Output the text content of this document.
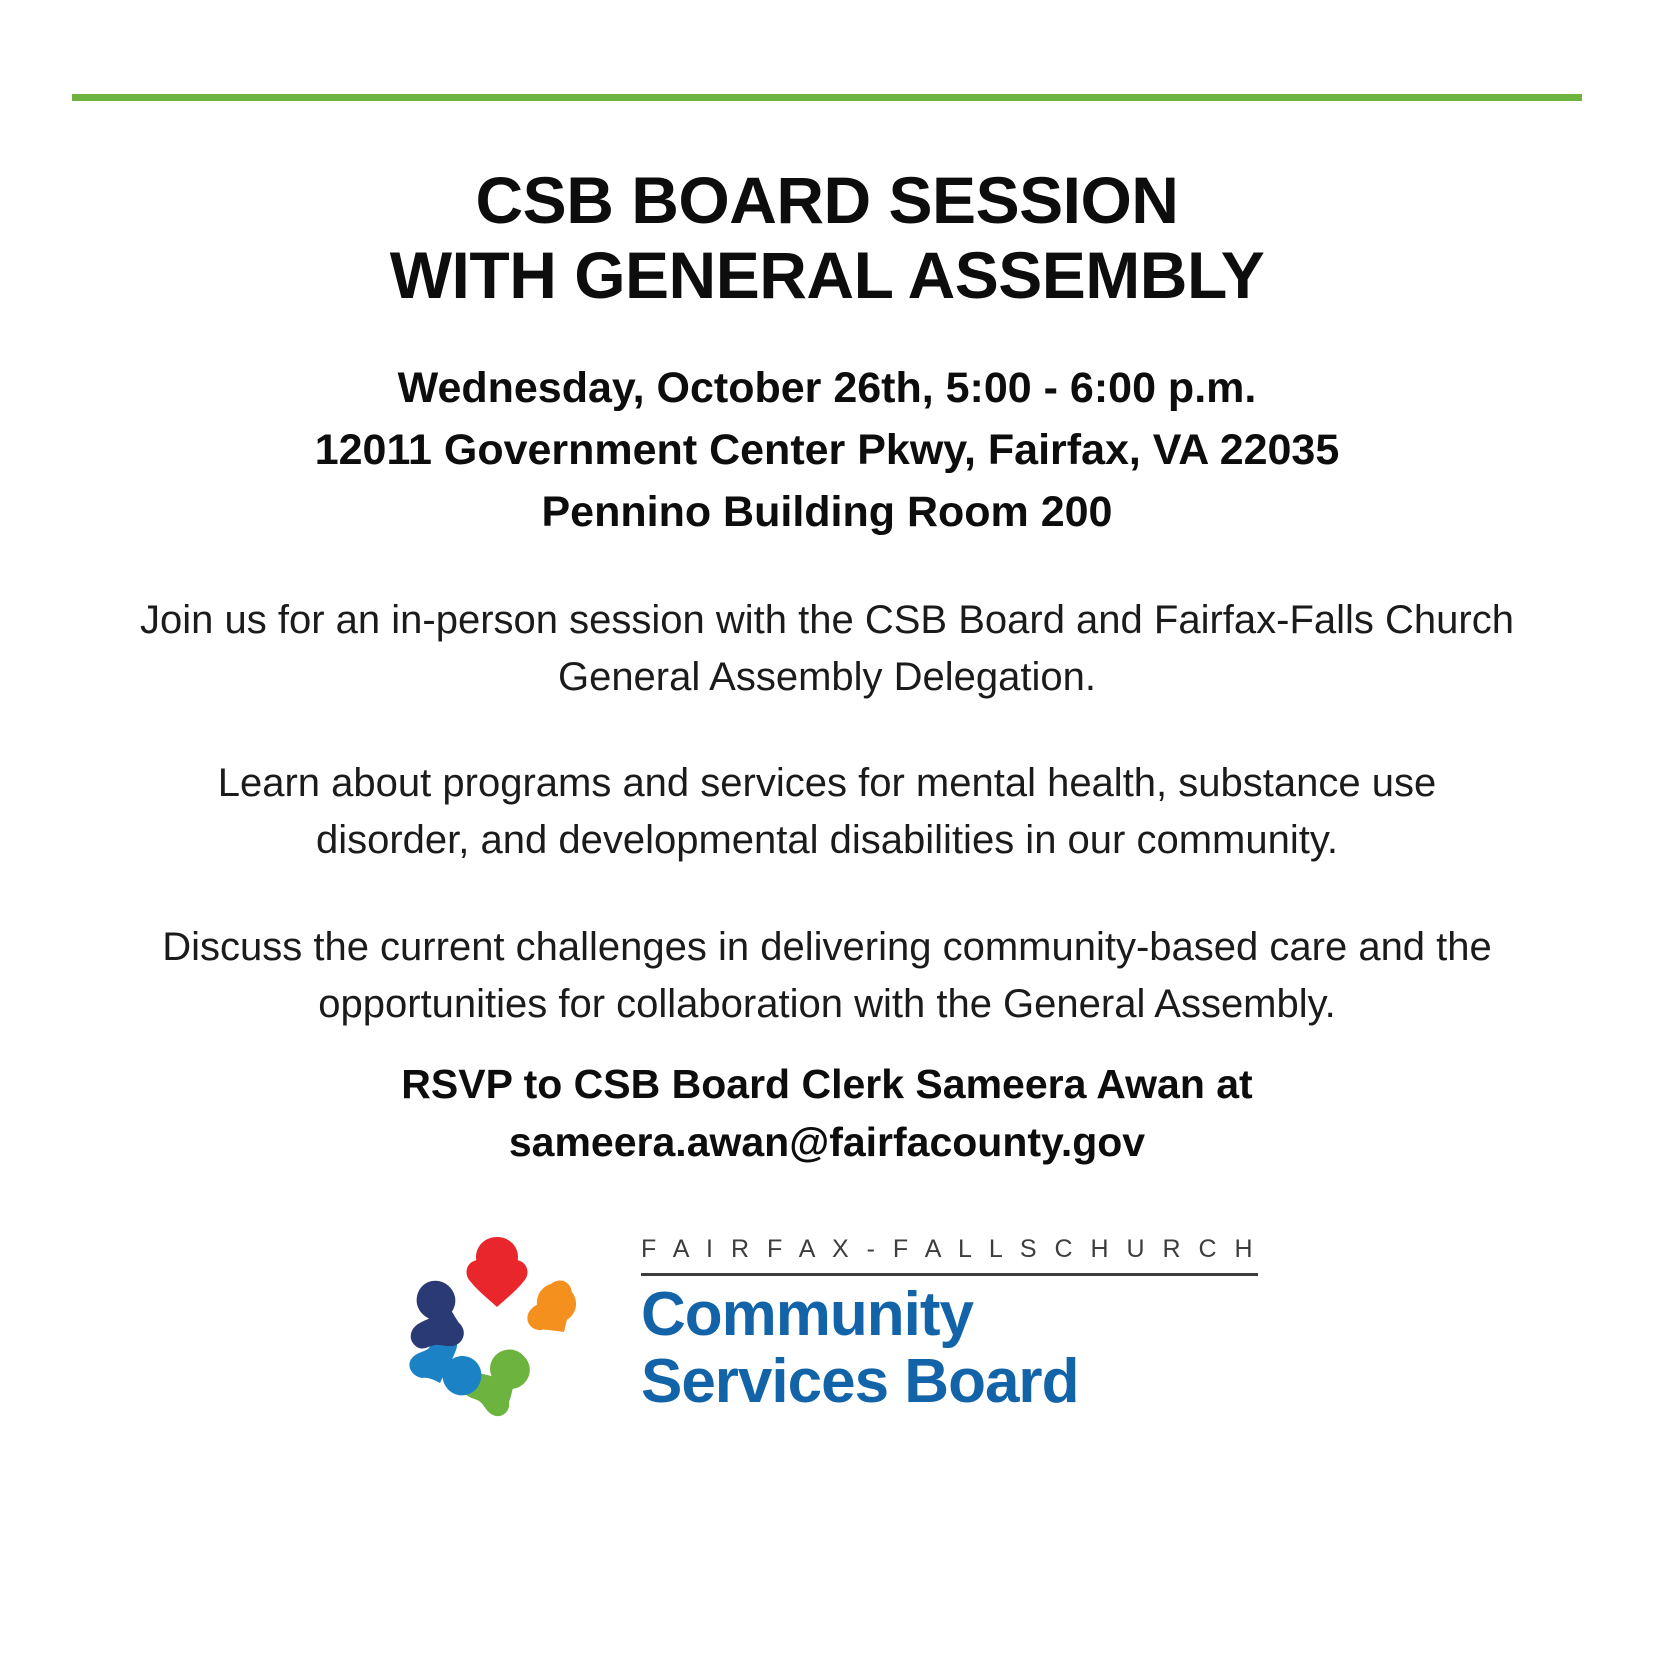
CSB BOARD SESSION
WITH GENERAL ASSEMBLY
Wednesday, October 26th, 5:00 - 6:00 p.m.
12011 Government Center Pkwy, Fairfax, VA 22035
Pennino Building Room 200

Join us for an in-person session with the CSB Board and Fairfax-Falls Church General Assembly Delegation.

Learn about programs and services for mental health, substance use disorder, and developmental disabilities in our community.

Discuss the current challenges in delivering community-based care and the opportunities for collaboration with the General Assembly.

RSVP to CSB Board Clerk Sameera Awan at
sameera.awan@fairfacounty.gov
F A I R F A X - F A L L S C H U R C H
Community
Services Board
